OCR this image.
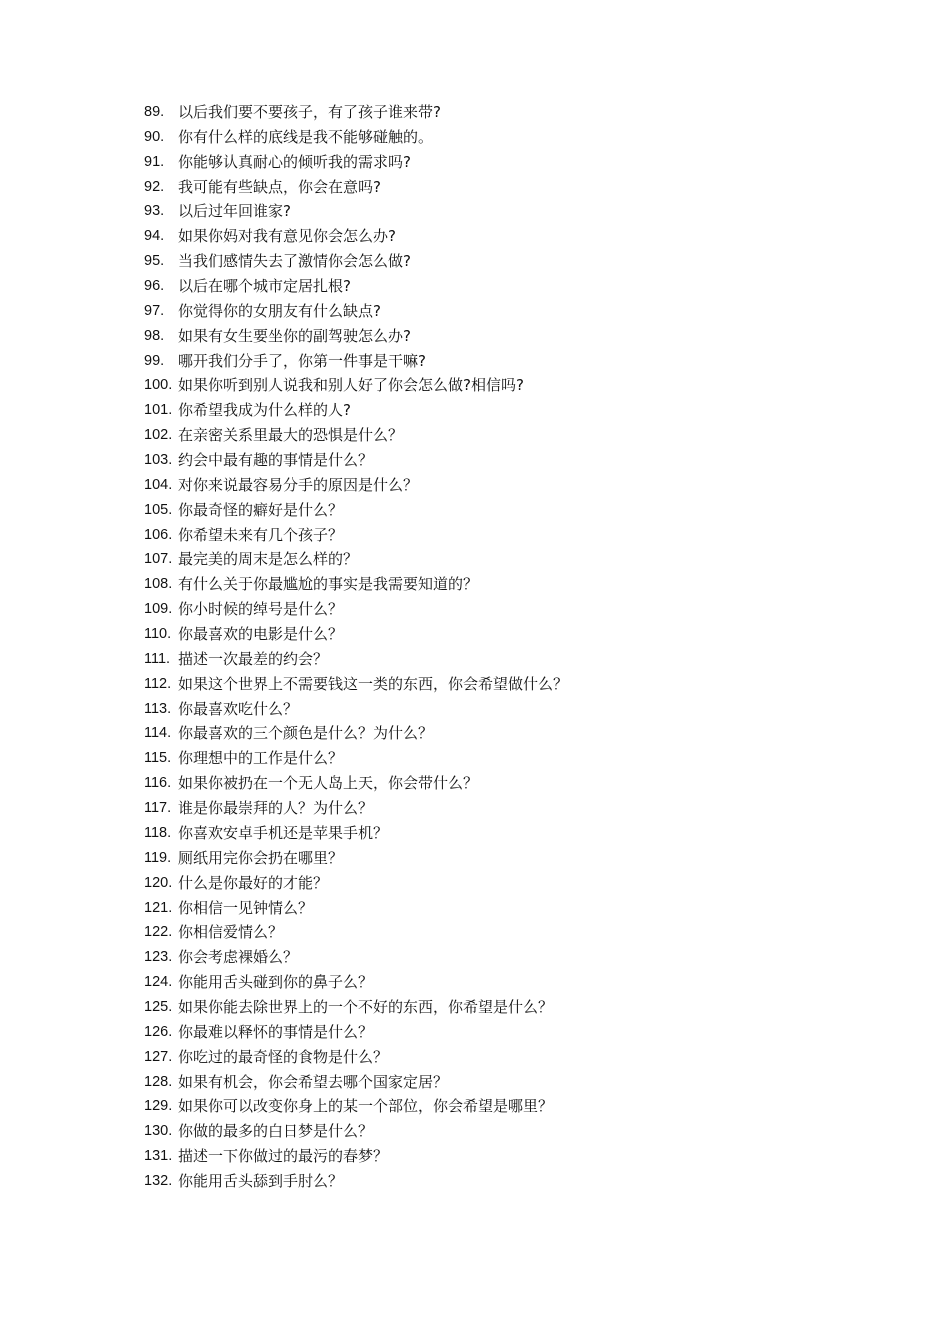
89. 以后我们要不要孩子，有了孩子谁来带?
90. 你有什么样的底线是我不能够碰触的。
91. 你能够认真耐心的倾听我的需求吗?
92. 我可能有些缺点，你会在意吗?
93. 以后过年回谁家?
94. 如果你妈对我有意见你会怎么办?
95. 当我们感情失去了激情你会怎么做?
96. 以后在哪个城市定居扎根?
97. 你觉得你的女朋友有什么缺点?
98. 如果有女生要坐你的副驾驶怎么办?
99. 哪开我们分手了，你第一件事是干嘛?
100. 如果你听到别人说我和别人好了你会怎么做?相信吗?
101. 你希望我成为什么样的人?
102. 在亲密关系里最大的恐惧是什么？
103. 约会中最有趣的事情是什么？
104. 对你来说最容易分手的原因是什么？
105. 你最奇怪的癖好是什么？
106. 你希望未来有几个孩子？
107. 最完美的周末是怎么样的？
108. 有什么关于你最尴尬的事实是我需要知道的？
109. 你小时候的绰号是什么？
110. 你最喜欢的电影是什么？
111. 描述一次最差的约会？
112. 如果这个世界上不需要钱这一类的东西，你会希望做什么？
113. 你最喜欢吃什么？
114. 你最喜欢的三个颜色是什么？为什么？
115. 你理想中的工作是什么？
116. 如果你被扔在一个无人岛上天，你会带什么？
117. 谁是你最崇拜的人？为什么？
118. 你喜欢安卓手机还是苹果手机？
119. 厕纸用完你会扔在哪里？
120. 什么是你最好的才能？
121. 你相信一见钟情么？
122. 你相信爱情么？
123. 你会考虑裸婚么？
124. 你能用舌头碰到你的鼻子么？
125. 如果你能去除世界上的一个不好的东西，你希望是什么？
126. 你最难以释怀的事情是什么？
127. 你吃过的最奇怪的食物是什么？
128. 如果有机会，你会希望去哪个国家定居？
129. 如果你可以改变你身上的某一个部位，你会希望是哪里？
130. 你做的最多的白日梦是什么？
131. 描述一下你做过的最污的春梦？
132. 你能用舌头舔到手肘么？
